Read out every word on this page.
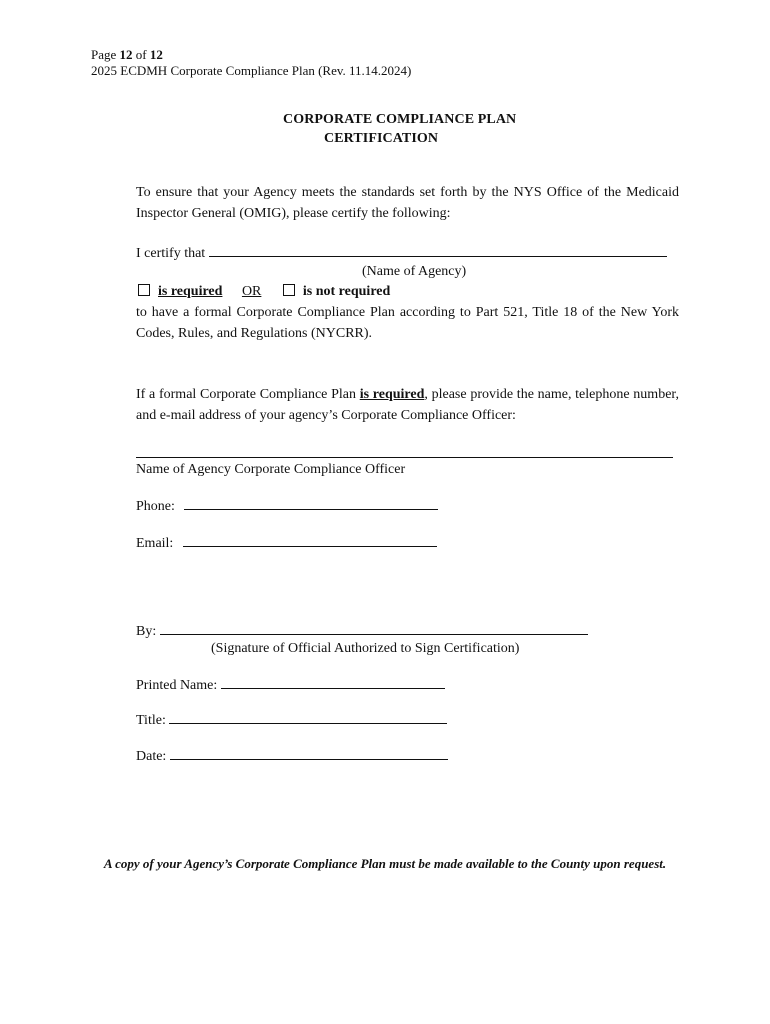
Page 12 of 12
2025 ECDMH Corporate Compliance Plan (Rev. 11.14.2024)
CORPORATE COMPLIANCE PLAN
CERTIFICATION
To ensure that your Agency meets the standards set forth by the NYS Office of the Medicaid Inspector General (OMIG), please certify the following:
I certify that
(Name of Agency)
is required OR	is not required
to have a formal Corporate Compliance Plan according to Part 521, Title 18 of the New York Codes, Rules, and Regulations (NYCRR).
If a formal Corporate Compliance Plan is required, please provide the name, telephone number, and e-mail address of your agency’s Corporate Compliance Officer:
Name of Agency Corporate Compliance Officer
Phone:
Email:
By:
(Signature of Official Authorized to Sign Certification)
Printed Name:
Title:
Date:
A copy of your Agency’s Corporate Compliance Plan must be made available to the County upon request.
